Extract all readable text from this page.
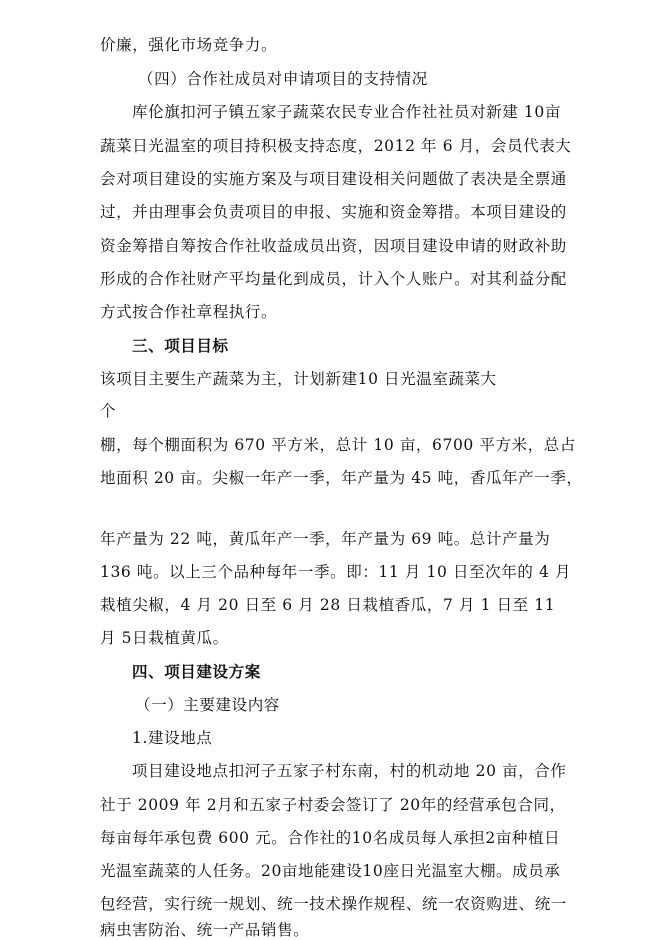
价廉，强化市场竞争力。
（四）合作社成员对申请项目的支持情况
库伦旗扣河子镇五家子蔬菜农民专业合作社社员对新建 10亩
蔬菜日光温室的项目持积极支持态度，2012 年 6 月，会员代表大
会对项目建设的实施方案及与项目建设相关问题做了表决是全票通
过，并由理事会负责项目的申报、实施和资金筹措。本项目建设的
资金筹措自筹按合作社收益成员出资，因项目建设申请的财政补助
形成的合作社财产平均量化到成员，计入个人账户。对其利益分配
方式按合作社章程执行。
三、项目目标
该项目主要生产蔬菜为主，计划新建10 日光温室蔬菜大
个
棚，每个棚面积为 670 平方米，总计 10 亩，6700 平方米，总占
地面积 20 亩。尖椒一年产一季，年产量为 45 吨，香瓜年产一季，
年产量为 22 吨，黄瓜年产一季，年产量为 69 吨。总计产量为
136 吨。以上三个品种每年一季。即：11 月 10 日至次年的 4 月
栽植尖椒，4 月 20 日至 6 月 28 日栽植香瓜，7 月 1 日至 11
月 5日栽植黄瓜。
四、项目建设方案
（一）主要建设内容
1.建设地点
项目建设地点扣河子五家子村东南，村的机动地 20 亩，合作
社于 2009 年 2月和五家子村委会签订了 20年的经营承包合同，
每亩每年承包费 600 元。合作社的10名成员每人承担2亩种植日
光温室蔬菜的人任务。20亩地能建设10座日光温室大棚。成员承
包经营，实行统一规划、统一技术操作规程、统一农资购进、统一
病虫害防治、统一产品销售。
